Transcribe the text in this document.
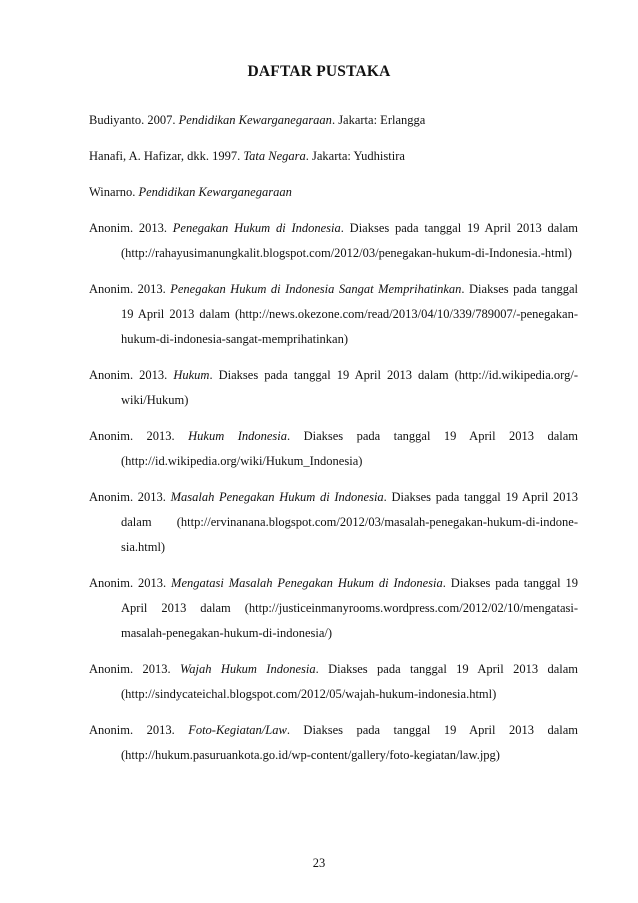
DAFTAR PUSTAKA

Budiyanto. 2007. Pendidikan Kewarganegaraan. Jakarta: Erlangga

Hanafi, A. Hafizar, dkk. 1997. Tata Negara. Jakarta: Yudhistira

Winarno. Pendidikan Kewarganegaraan

Anonim. 2013. Penegakan Hukum di Indonesia. Diakses pada tanggal 19 April 2013 dalam (http://rahayusimanungkalit.blogspot.com/2012/03/penegakan-hukum-di-Indonesia.-html)

Anonim. 2013. Penegakan Hukum di Indonesia Sangat Memprihatinkan. Diakses pada tanggal 19 April 2013 dalam (http://news.okezone.com/read/2013/04/10/339/789007/-penegakan-hukum-di-indonesia-sangat-memprihatinkan)

Anonim. 2013. Hukum. Diakses pada tanggal 19 April 2013 dalam (http://id.wikipedia.org/-wiki/Hukum)

Anonim. 2013. Hukum Indonesia. Diakses pada tanggal 19 April 2013 dalam (http://id.wikipedia.org/wiki/Hukum_Indonesia)

Anonim. 2013. Masalah Penegakan Hukum di Indonesia. Diakses pada tanggal 19 April 2013 dalam (http://ervinanana.blogspot.com/2012/03/masalah-penegakan-hukum-di-indone-sia.html)

Anonim. 2013. Mengatasi Masalah Penegakan Hukum di Indonesia. Diakses pada tanggal 19 April 2013 dalam (http://justiceinmanyrooms.wordpress.com/2012/02/10/mengatasi-masalah-penegakan-hukum-di-indonesia/)

Anonim. 2013. Wajah Hukum Indonesia. Diakses pada tanggal 19 April 2013 dalam (http://sindycateichal.blogspot.com/2012/05/wajah-hukum-indonesia.html)

Anonim. 2013. Foto-Kegiatan/Law. Diakses pada tanggal 19 April 2013 dalam (http://hukum.pasuruankota.go.id/wp-content/gallery/foto-kegiatan/law.jpg)

23
